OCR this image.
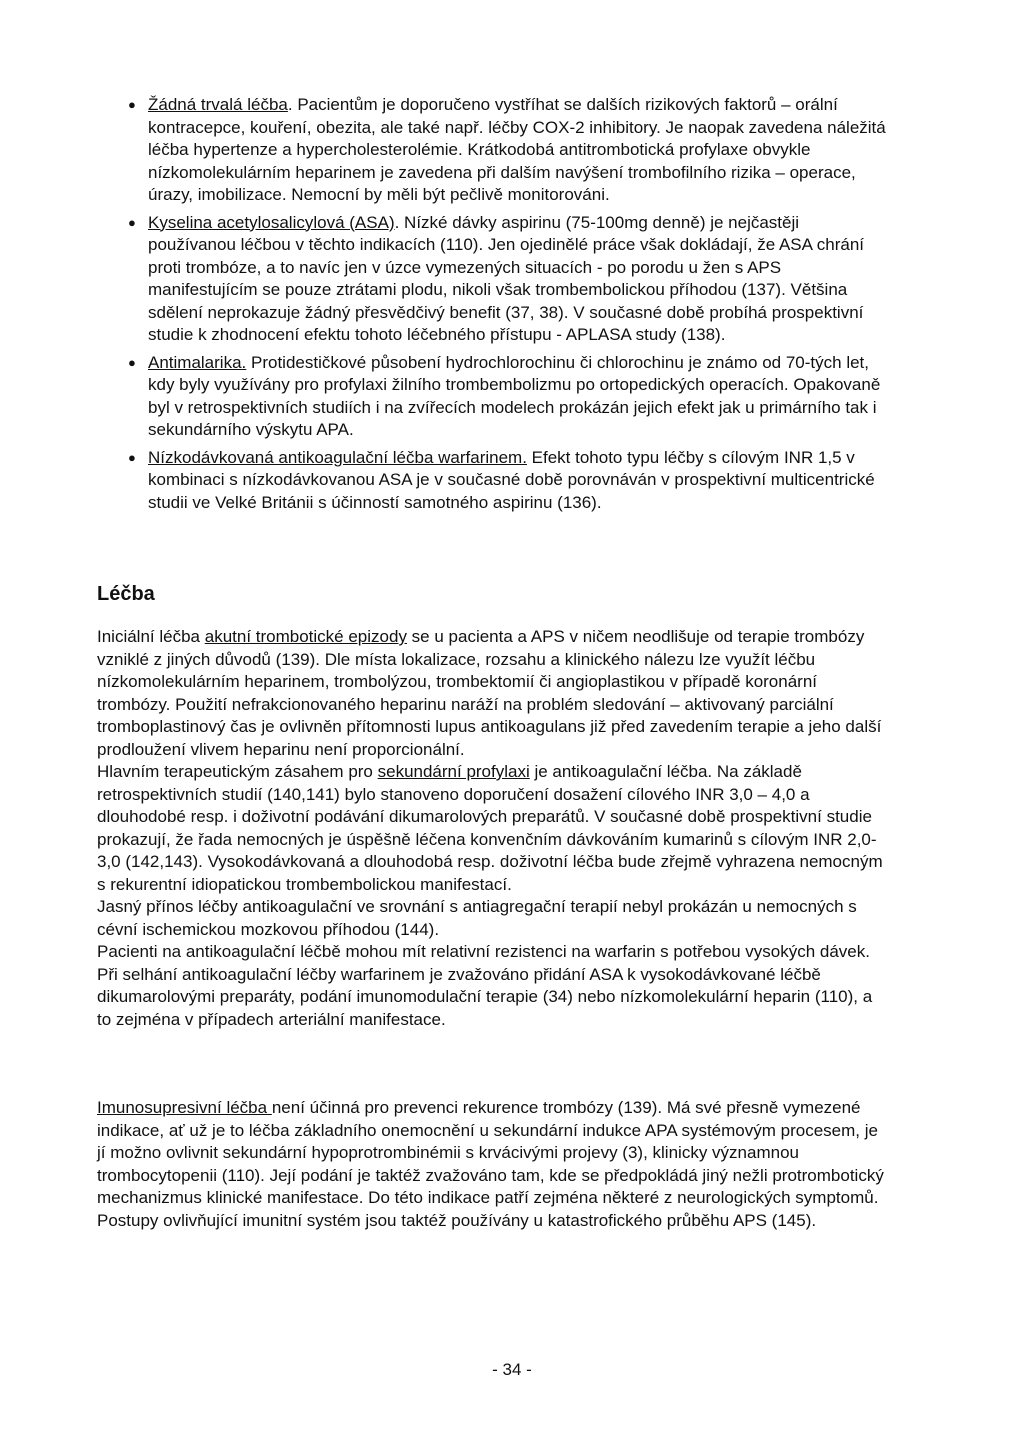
● Žádná trvalá léčba. Pacientům je doporučeno vystříhat se dalších rizikových faktorů – orální kontracepce, kouření, obezita, ale také např. léčby COX-2 inhibitory. Je naopak zavedena náležitá léčba hypertenze a hypercholesterolémie. Krátkodobá antitrombotická profylaxe obvykle nízkomolekulárním heparinem je zavedena při dalším navýšení trombofilního rizika – operace, úrazy, imobilizace. Nemocní by měli být pečlivě monitorováni.
● Kyselina acetylosalicylová (ASA). Nízké dávky aspirinu (75-100mg denně) je nejčastěji používanou léčbou v těchto indikacích (110). Jen ojedinělé práce však dokládají, že ASA chrání proti trombóze, a to navíc jen v úzce vymezených situacích - po porodu u žen s APS manifestujícím se pouze ztrátami plodu, nikoli však trombembolickou příhodou (137). Většina sdělení neprokazuje žádný přesvědčivý benefit (37, 38). V současné době probíhá prospektivní studie k zhodnocení efektu tohoto léčebného přístupu - APLASA study (138).
● Antimalarika. Protidestičkové působení hydrochlorochinu či chlorochinu je známo od 70-tých let, kdy byly využívány pro profylaxi žilního trombembolizmu po ortopedických operacích. Opakovaně byl v retrospektivních studiích i na zvířecích modelech prokázán jejich efekt jak u primárního tak i sekundárního výskytu APA.
● Nízkodávkovaná antikoagulační léčba warfarinem. Efekt tohoto typu léčby s cílovým INR 1,5 v kombinaci s nízkodávkovanou ASA je v současné době porovnáván v prospektivní multicentrické studii ve Velké Británii s účinností samotného aspirinu (136).
Léčba

Iniciální léčba akutní trombotické epizody se u pacienta a APS v ničem neodlišuje od terapie trombózy vzniklé z jiných důvodů (139). Dle místa lokalizace, rozsahu a klinického nálezu lze využít léčbu nízkomolekulárním heparinem, trombolýzou, trombektomií či angioplastikou v případě koronární trombózy. Použití nefrakcionovaného heparinu naráží na problém sledování – aktivovaný parciální tromboplastinový čas je ovlivněn přítomnosti lupus antikoagulans již před zavedením terapie a jeho další prodloužení vlivem heparinu není proporcionální.

Hlavním terapeutickým zásahem pro sekundární profylaxi je antikoagulační léčba. Na základě retrospektivních studií (140,141) bylo stanoveno doporučení dosažení cílového INR 3,0 – 4,0 a dlouhodobé resp. i doživotní podávání dikumarolových preparátů. V současné době prospektivní studie prokazují, že řada nemocných je úspěšně léčena konvenčním dávkováním kumarinů s cílovým INR 2,0-3,0 (142,143). Vysokodávkovaná a dlouhodobá resp. doživotní léčba bude zřejmě vyhrazena nemocným s rekurentní idiopatickou trombembolickou manifestací.

Jasný přínos léčby antikoagulační ve srovnání s antiagregační terapií nebyl prokázán u nemocných s cévní ischemickou mozkovou příhodou (144).

Pacienti na antikoagulační léčbě mohou mít relativní rezistenci na warfarin s potřebou vysokých dávek.

Při selhání antikoagulační léčby warfarinem je zvažováno přidání ASA k vysokodávkované léčbě dikumarolovými preparáty, podání imunomodulační terapie (34) nebo nízkomolekulární heparin (110), a to zejména v případech arteriální manifestace.

Imunosupresivní léčba není účinná pro prevenci rekurence trombózy (139). Má své přesně vymezené indikace, ať už je to léčba základního onemocnění u sekundární indukce APA systémovým procesem, je jí možno ovlivnit sekundární hypoprotrombinémii s krvácivými projevy (3), klinicky významnou trombocytopenii (110). Její podání je taktéž zvažováno tam, kde se předpokládá jiný nežli protrombotický mechanizmus klinické manifestace. Do této indikace patří zejména některé z neurologických symptomů. Postupy ovlivňující imunitní systém jsou taktéž používány u katastrofického průběhu APS (145).

- 34 -
